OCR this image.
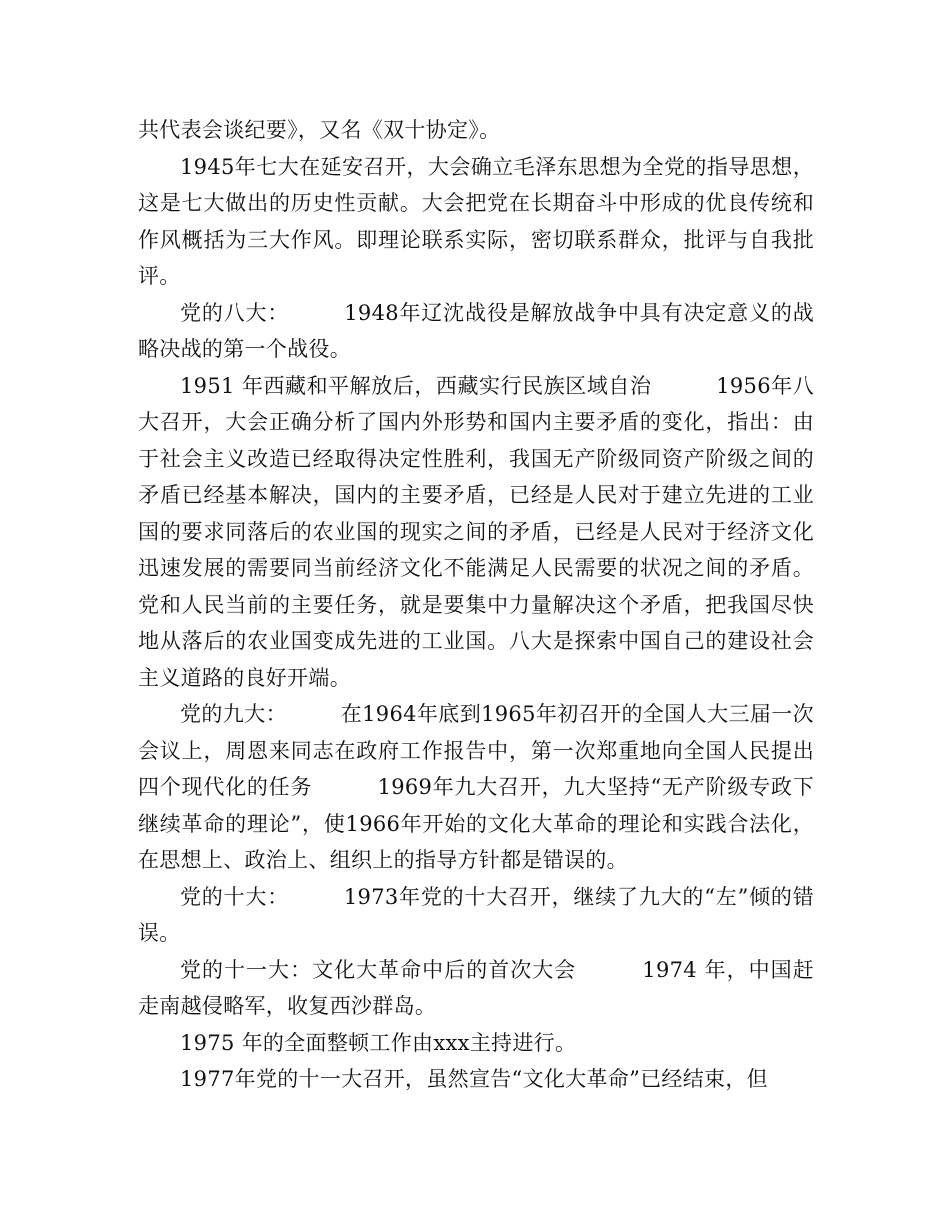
共代表会谈纪要》，又名《双十协定》。

1945年七大在延安召开，大会确立毛泽东思想为全党的指导思想，这是七大做出的历史性贡献。大会把党在长期奋斗中形成的优良传统和作风概括为三大作风。即理论联系实际，密切联系群众，批评与自我批评。

党的八大：　　　1948年辽沈战役是解放战争中具有决定意义的战略决战的第一个战役。

1951 年西藏和平解放后，西藏实行民族区域自治　　　1956年八大召开，大会正确分析了国内外形势和国内主要矛盾的变化，指出：由于社会主义改造已经取得决定性胜利，我国无产阶级同资产阶级之间的矛盾已经基本解决，国内的主要矛盾，已经是人民对于建立先进的工业国的要求同落后的农业国的现实之间的矛盾，已经是人民对于经济文化迅速发展的需要同当前经济文化不能满足人民需要的状况之间的矛盾。党和人民当前的主要任务，就是要集中力量解决这个矛盾，把我国尽快地从落后的农业国变成先进的工业国。八大是探索中国自己的建设社会主义道路的良好开端。

党的九大：　　　在1964年底到1965年初召开的全国人大三届一次会议上，周恩来同志在政府工作报告中，第一次郑重地向全国人民提出四个现代化的任务　　　1969年九大召开，九大坚持“无产阶级专政下继续革命的理论”，使1966年开始的文化大革命的理论和实践合法化，在思想上、政治上、组织上的指导方针都是错误的。

党的十大：　　　1973年党的十大召开，继续了九大的“左”倾的错误。

党的十一大：文化大革命中后的首次大会　　　1974 年，中国赶走南越侵略军，收复西沙群岛。

1975 年的全面整顿工作由xxx主持进行。

1977年党的十一大召开，虽然宣告“文化大革命”已经结束，但
